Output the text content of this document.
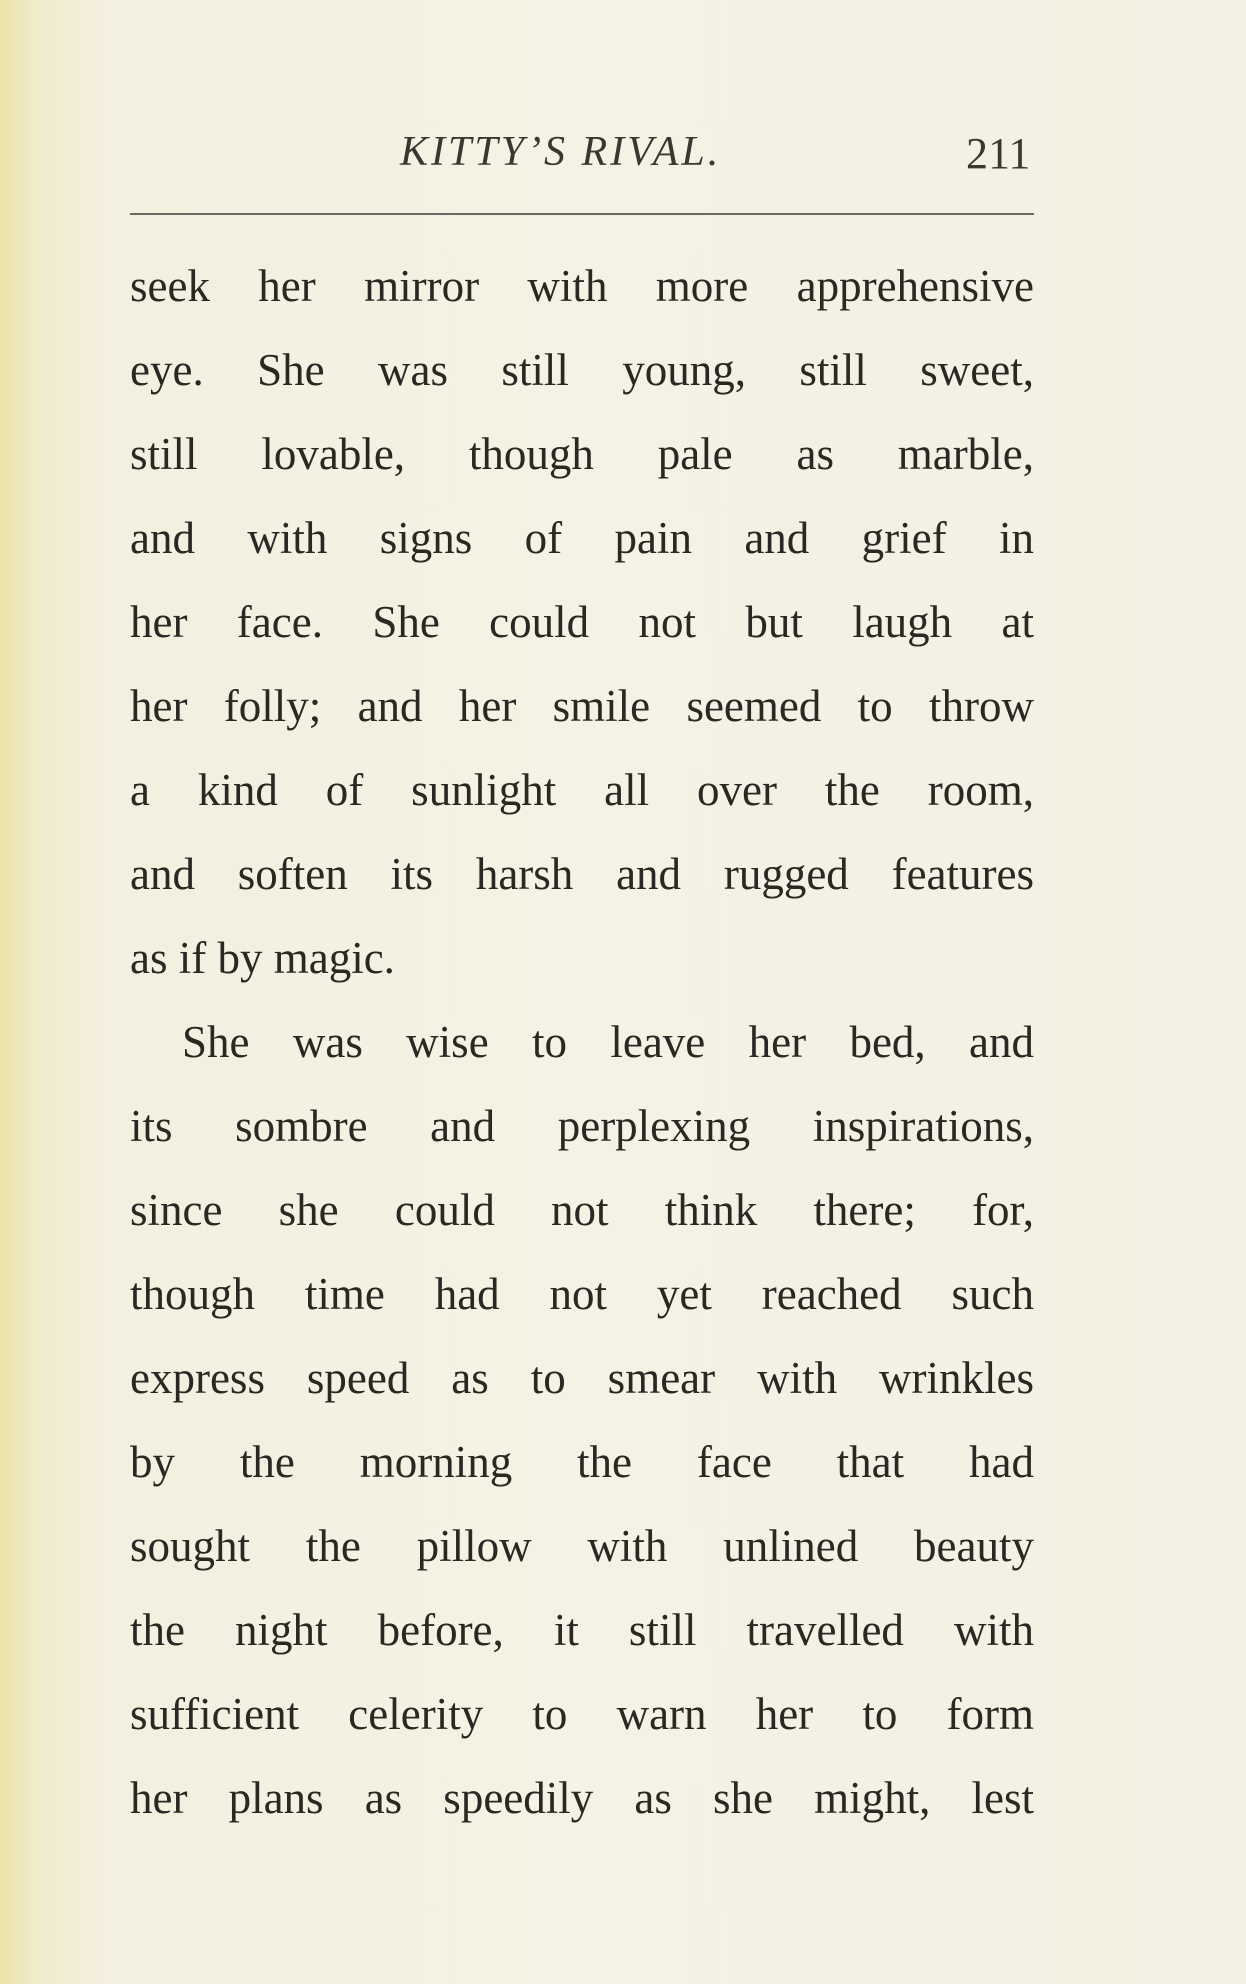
KITTY’S RIVAL.	211
seek her mirror with more apprehensive
eye. She was still young, still sweet,
still lovable, though pale as marble,
and with signs of pain and grief in
her face. She could not but laugh at
her folly; and her smile seemed to throw
a kind of sunlight all over the room,
and soften its harsh and rugged features
as if by magic.
She was wise to leave her bed, and
its sombre and perplexing inspirations,
since she could not think there; for,
though time had not yet reached such
express speed as to smear with wrinkles
by the morning the face that had
sought the pillow with unlined beauty
the night before, it still travelled with
sufficient celerity to warn her to form
her plans as speedily as she might, lest
